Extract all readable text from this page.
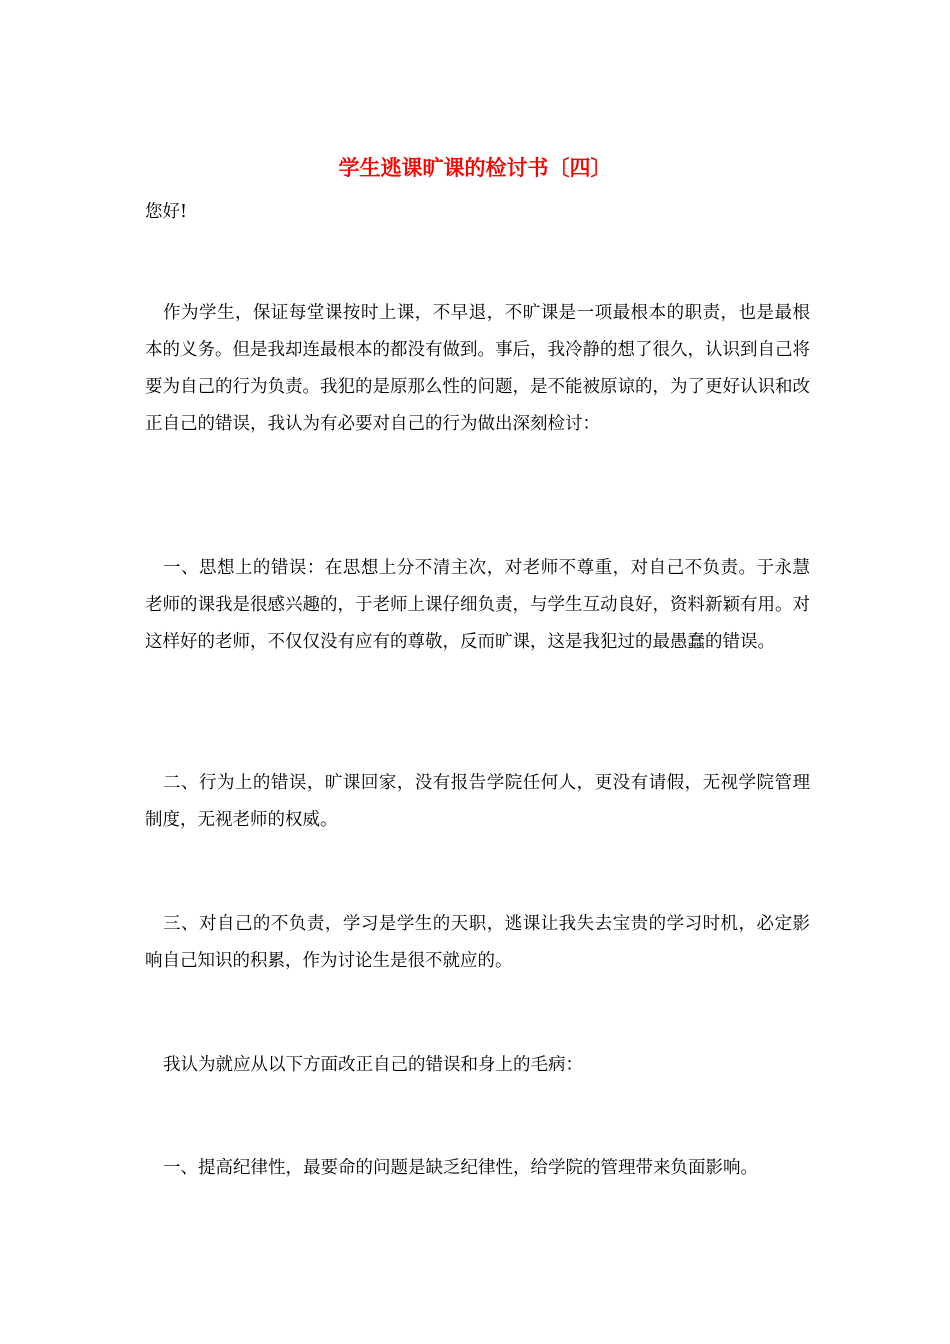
学生逃课旷课的检讨书〔四〕

您好!

作为学生，保证每堂课按时上课，不早退，不旷课是一项最根本的职责，也是最根本的义务。但是我却连最根本的都没有做到。事后，我冷静的想了很久，认识到自己将要为自己的行为负责。我犯的是原那么性的问题，是不能被原谅的，为了更好认识和改正自己的错误，我认为有必要对自己的行为做出深刻检讨：

一、思想上的错误：在思想上分不清主次，对老师不尊重，对自己不负责。于永慧老师的课我是很感兴趣的，于老师上课仔细负责，与学生互动良好，资料新颖有用。对这样好的老师，不仅仅没有应有的尊敬，反而旷课，这是我犯过的最愚蠢的错误。

二、行为上的错误，旷课回家，没有报告学院任何人，更没有请假，无视学院管理制度，无视老师的权威。

三、对自己的不负责，学习是学生的天职，逃课让我失去宝贵的学习时机，必定影响自己知识的积累，作为讨论生是很不就应的。

我认为就应从以下方面改正自己的错误和身上的毛病：

一、提高纪律性，最要命的问题是缺乏纪律性，给学院的管理带来负面影响。
